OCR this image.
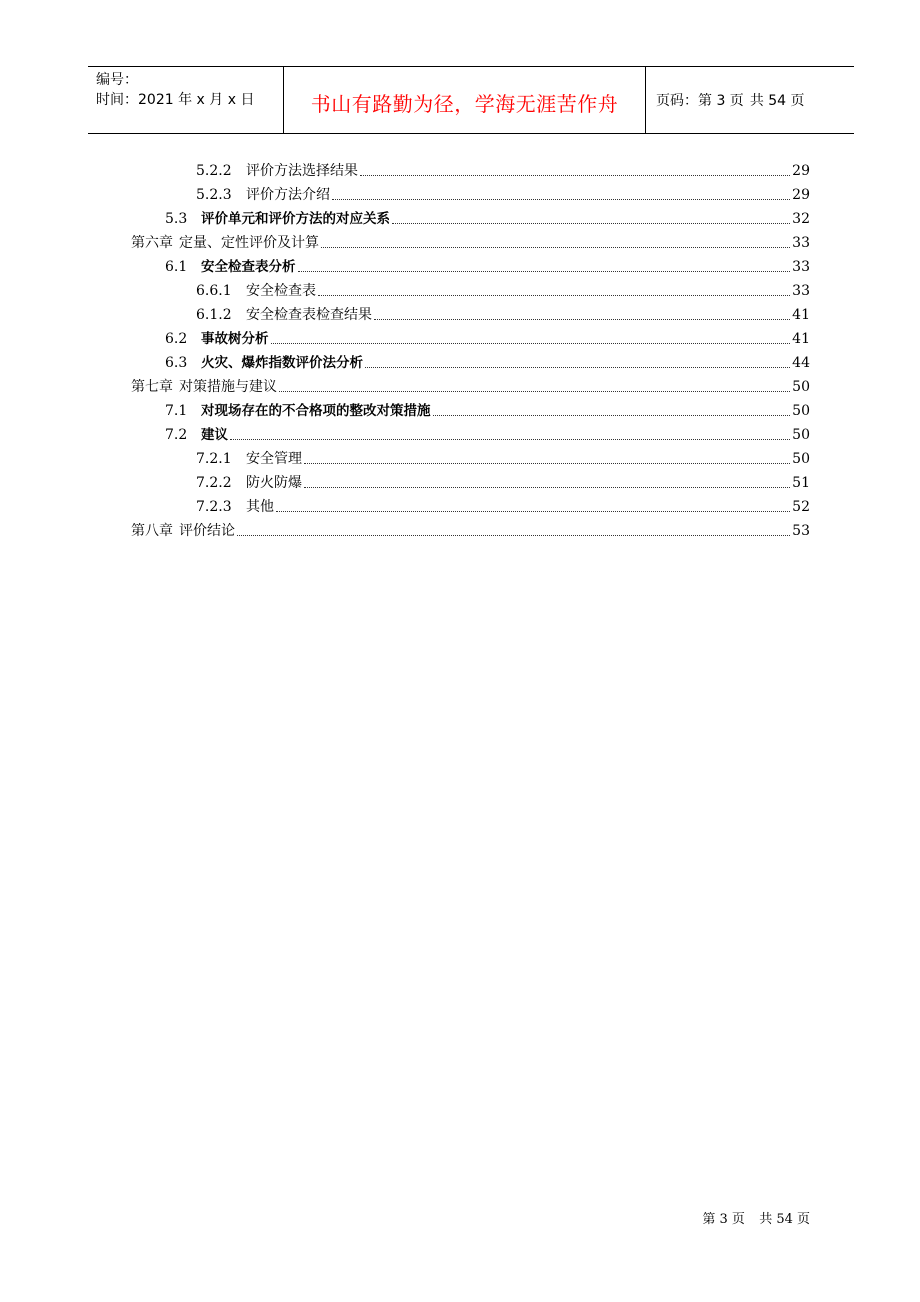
编号：
时间：2021 年 x 月 x 日	书山有路勤为径，学海无涯苦作舟	页码：第 3 页 共 54 页
5.2.2	评价方法选择结果	29
5.2.3	评价方法介绍	29
5.3	评价单元和评价方法的对应关系	32
第六章 定量、定性评价及计算	33
6.1	安全检查表分析	33
6.6.1	安全检查表	33
6.1.2	安全检查表检查结果	41
6.2	事故树分析	41
6.3	火灾、爆炸指数评价法分析	44
第七章 对策措施与建议	50
7.1	对现场存在的不合格项的整改对策措施	50
7.2	建议	50
7.2.1	安全管理	50
7.2.2	防火防爆	51
7.2.3	其他	52
第八章 评价结论	53
第 3 页 共 54 页
